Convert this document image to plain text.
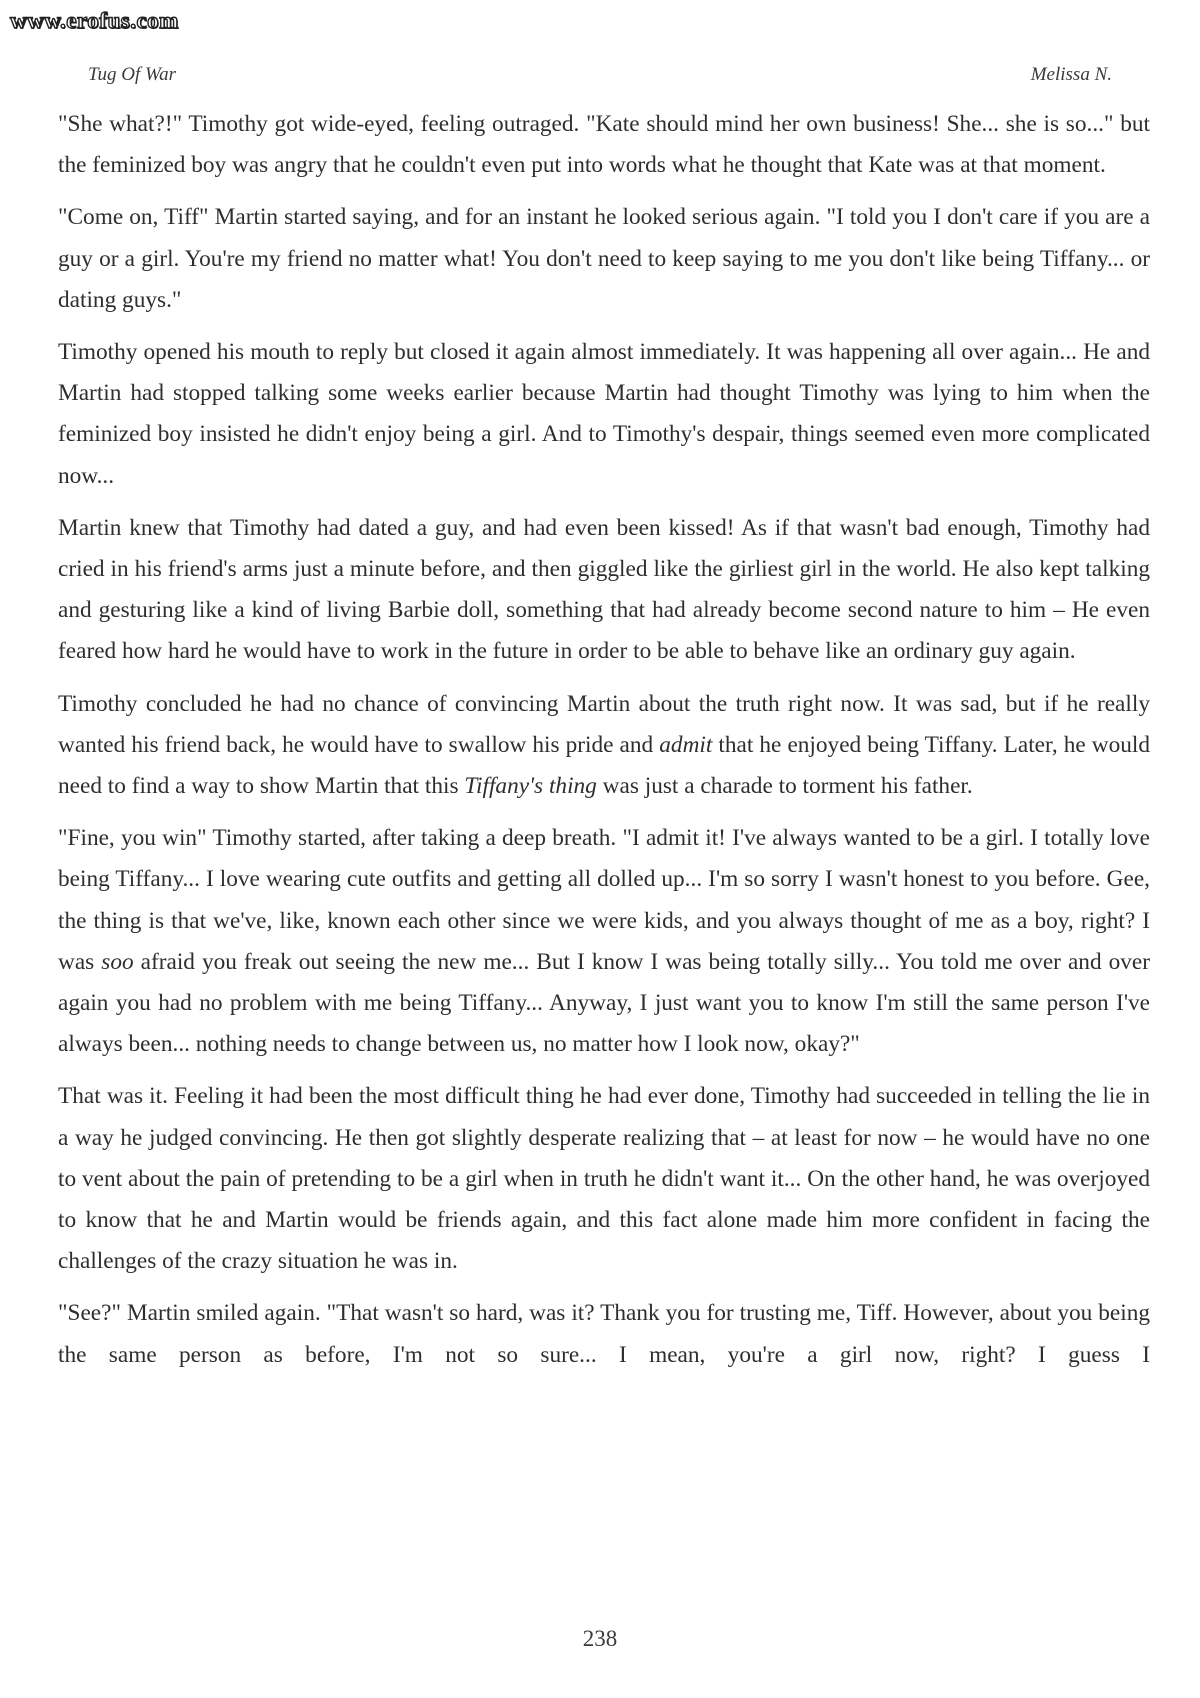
www.erofus.com
Tug Of War	Melissa N.

"She what?!" Timothy got wide-eyed, feeling outraged. "Kate should mind her own business! She... she is so..." but the feminized boy was angry that he couldn't even put into words what he thought that Kate was at that moment.

"Come on, Tiff" Martin started saying, and for an instant he looked serious again. "I told you I don't care if you are a guy or a girl. You're my friend no matter what! You don't need to keep saying to me you don't like being Tiffany... or dating guys."

Timothy opened his mouth to reply but closed it again almost immediately. It was happening all over again... He and Martin had stopped talking some weeks earlier because Martin had thought Timothy was lying to him when the feminized boy insisted he didn't enjoy being a girl. And to Timothy's despair, things seemed even more complicated now...

Martin knew that Timothy had dated a guy, and had even been kissed! As if that wasn't bad enough, Timothy had cried in his friend's arms just a minute before, and then giggled like the girliest girl in the world. He also kept talking and gesturing like a kind of living Barbie doll, something that had already become second nature to him – He even feared how hard he would have to work in the future in order to be able to behave like an ordinary guy again.

Timothy concluded he had no chance of convincing Martin about the truth right now. It was sad, but if he really wanted his friend back, he would have to swallow his pride and admit that he enjoyed being Tiffany. Later, he would need to find a way to show Martin that this Tiffany's thing was just a charade to torment his father.

"Fine, you win" Timothy started, after taking a deep breath. "I admit it! I've always wanted to be a girl. I totally love being Tiffany... I love wearing cute outfits and getting all dolled up... I'm so sorry I wasn't honest to you before. Gee, the thing is that we've, like, known each other since we were kids, and you always thought of me as a boy, right? I was soo afraid you freak out seeing the new me... But I know I was being totally silly... You told me over and over again you had no problem with me being Tiffany... Anyway, I just want you to know I'm still the same person I've always been... nothing needs to change between us, no matter how I look now, okay?"

That was it. Feeling it had been the most difficult thing he had ever done, Timothy had succeeded in telling the lie in a way he judged convincing. He then got slightly desperate realizing that – at least for now – he would have no one to vent about the pain of pretending to be a girl when in truth he didn't want it... On the other hand, he was overjoyed to know that he and Martin would be friends again, and this fact alone made him more confident in facing the challenges of the crazy situation he was in.

"See?" Martin smiled again. "That wasn't so hard, was it? Thank you for trusting me, Tiff. However, about you being the same person as before, I'm not so sure... I mean, you're a girl now, right? I guess I

238
